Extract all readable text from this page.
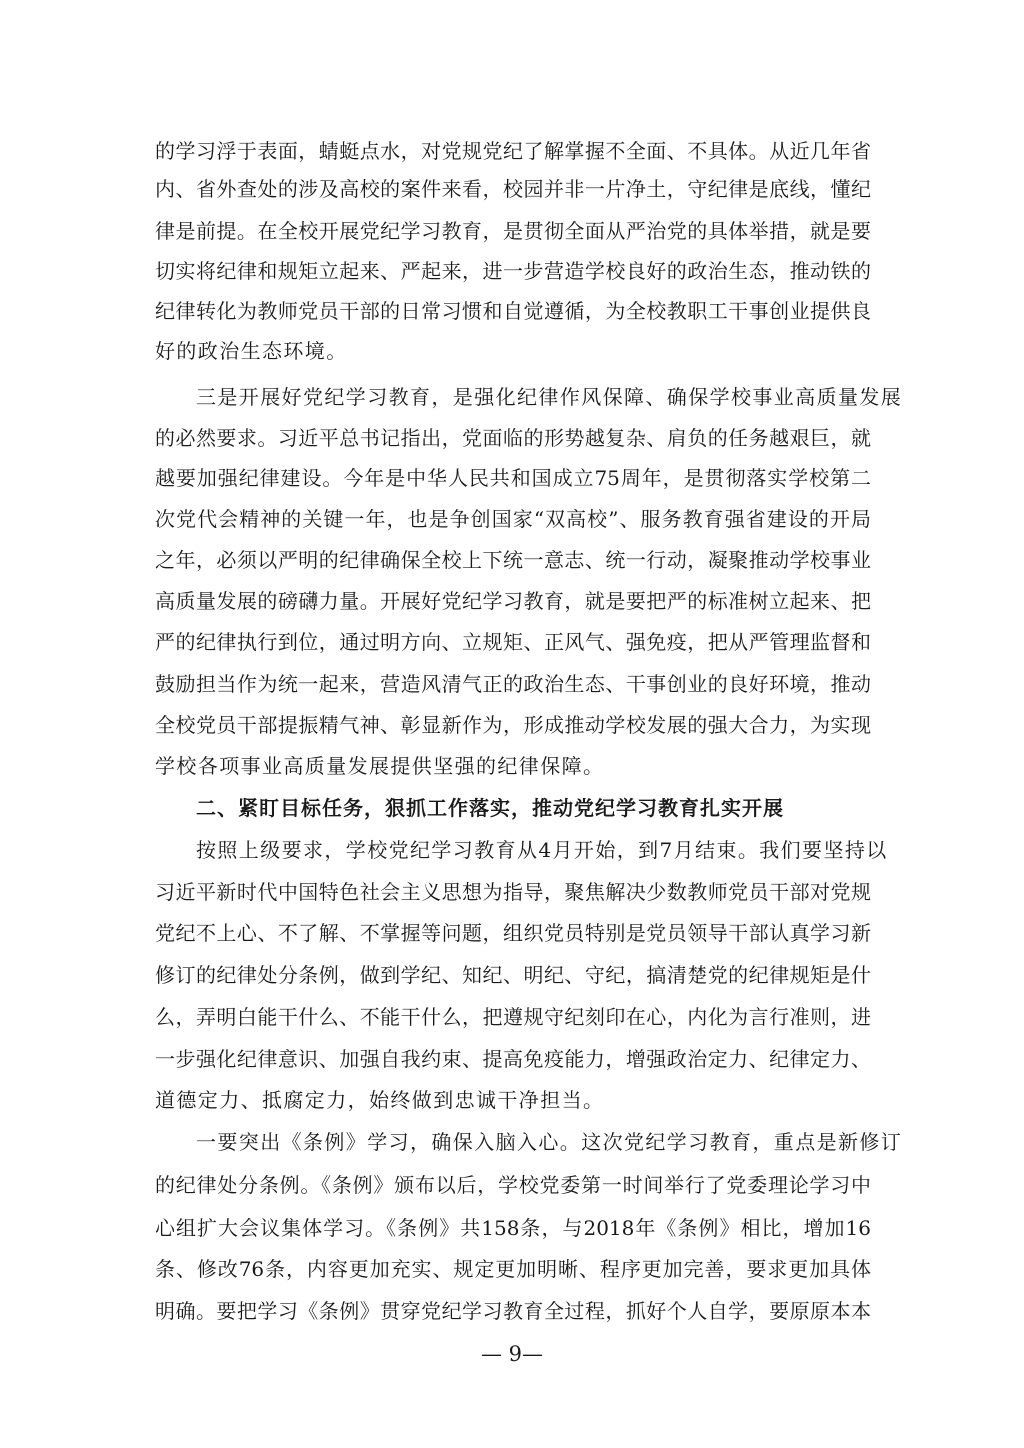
的学习浮于表面，蜻蜓点水，对党规党纪了解掌握不全面、不具体。从近几年省
内、省外查处的涉及高校的案件来看，校园并非一片净土，守纪律是底线，懂纪
律是前提。在全校开展党纪学习教育，是贯彻全面从严治党的具体举措，就是要
切实将纪律和规矩立起来、严起来，进一步营造学校良好的政治生态，推动铁的
纪律转化为教师党员干部的日常习惯和自觉遵循，为全校教职工干事创业提供良
好的政治生态环境。
三是开展好党纪学习教育，是强化纪律作风保障、确保学校事业高质量发展
的必然要求。习近平总书记指出，党面临的形势越复杂、肩负的任务越艰巨，就
越要加强纪律建设。今年是中华人民共和国成立75周年，是贯彻落实学校第二
次党代会精神的关键一年，也是争创国家“双高校”、服务教育强省建设的开局
之年，必须以严明的纪律确保全校上下统一意志、统一行动，凝聚推动学校事业
高质量发展的磅礴力量。开展好党纪学习教育，就是要把严的标准树立起来、把
严的纪律执行到位，通过明方向、立规矩、正风气、强免疫，把从严管理监督和
鼓励担当作为统一起来，营造风清气正的政治生态、干事创业的良好环境，推动
全校党员干部提振精气神、彰显新作为，形成推动学校发展的强大合力，为实现
学校各项事业高质量发展提供坚强的纪律保障。
二、紧盯目标任务，狠抓工作落实，推动党纪学习教育扎实开展
按照上级要求，学校党纪学习教育从4月开始，到7月结束。我们要坚持以
习近平新时代中国特色社会主义思想为指导，聚焦解决少数教师党员干部对党规
党纪不上心、不了解、不掌握等问题，组织党员特别是党员领导干部认真学习新
修订的纪律处分条例，做到学纪、知纪、明纪、守纪，搞清楚党的纪律规矩是什
么，弄明白能干什么、不能干什么，把遵规守纪刻印在心，内化为言行准则，进
一步强化纪律意识、加强自我约束、提高免疫能力，增强政治定力、纪律定力、
道德定力、抵腐定力，始终做到忠诚干净担当。
一要突出《条例》学习，确保入脑入心。这次党纪学习教育，重点是新修订
的纪律处分条例。《条例》颁布以后，学校党委第一时间举行了党委理论学习中
心组扩大会议集体学习。《条例》共158条，与2018年《条例》相比，增加16
条、修改76条，内容更加充实、规定更加明晰、程序更加完善，要求更加具体
明确。要把学习《条例》贯穿党纪学习教育全过程，抓好个人自学，要原原本本
— 9—
